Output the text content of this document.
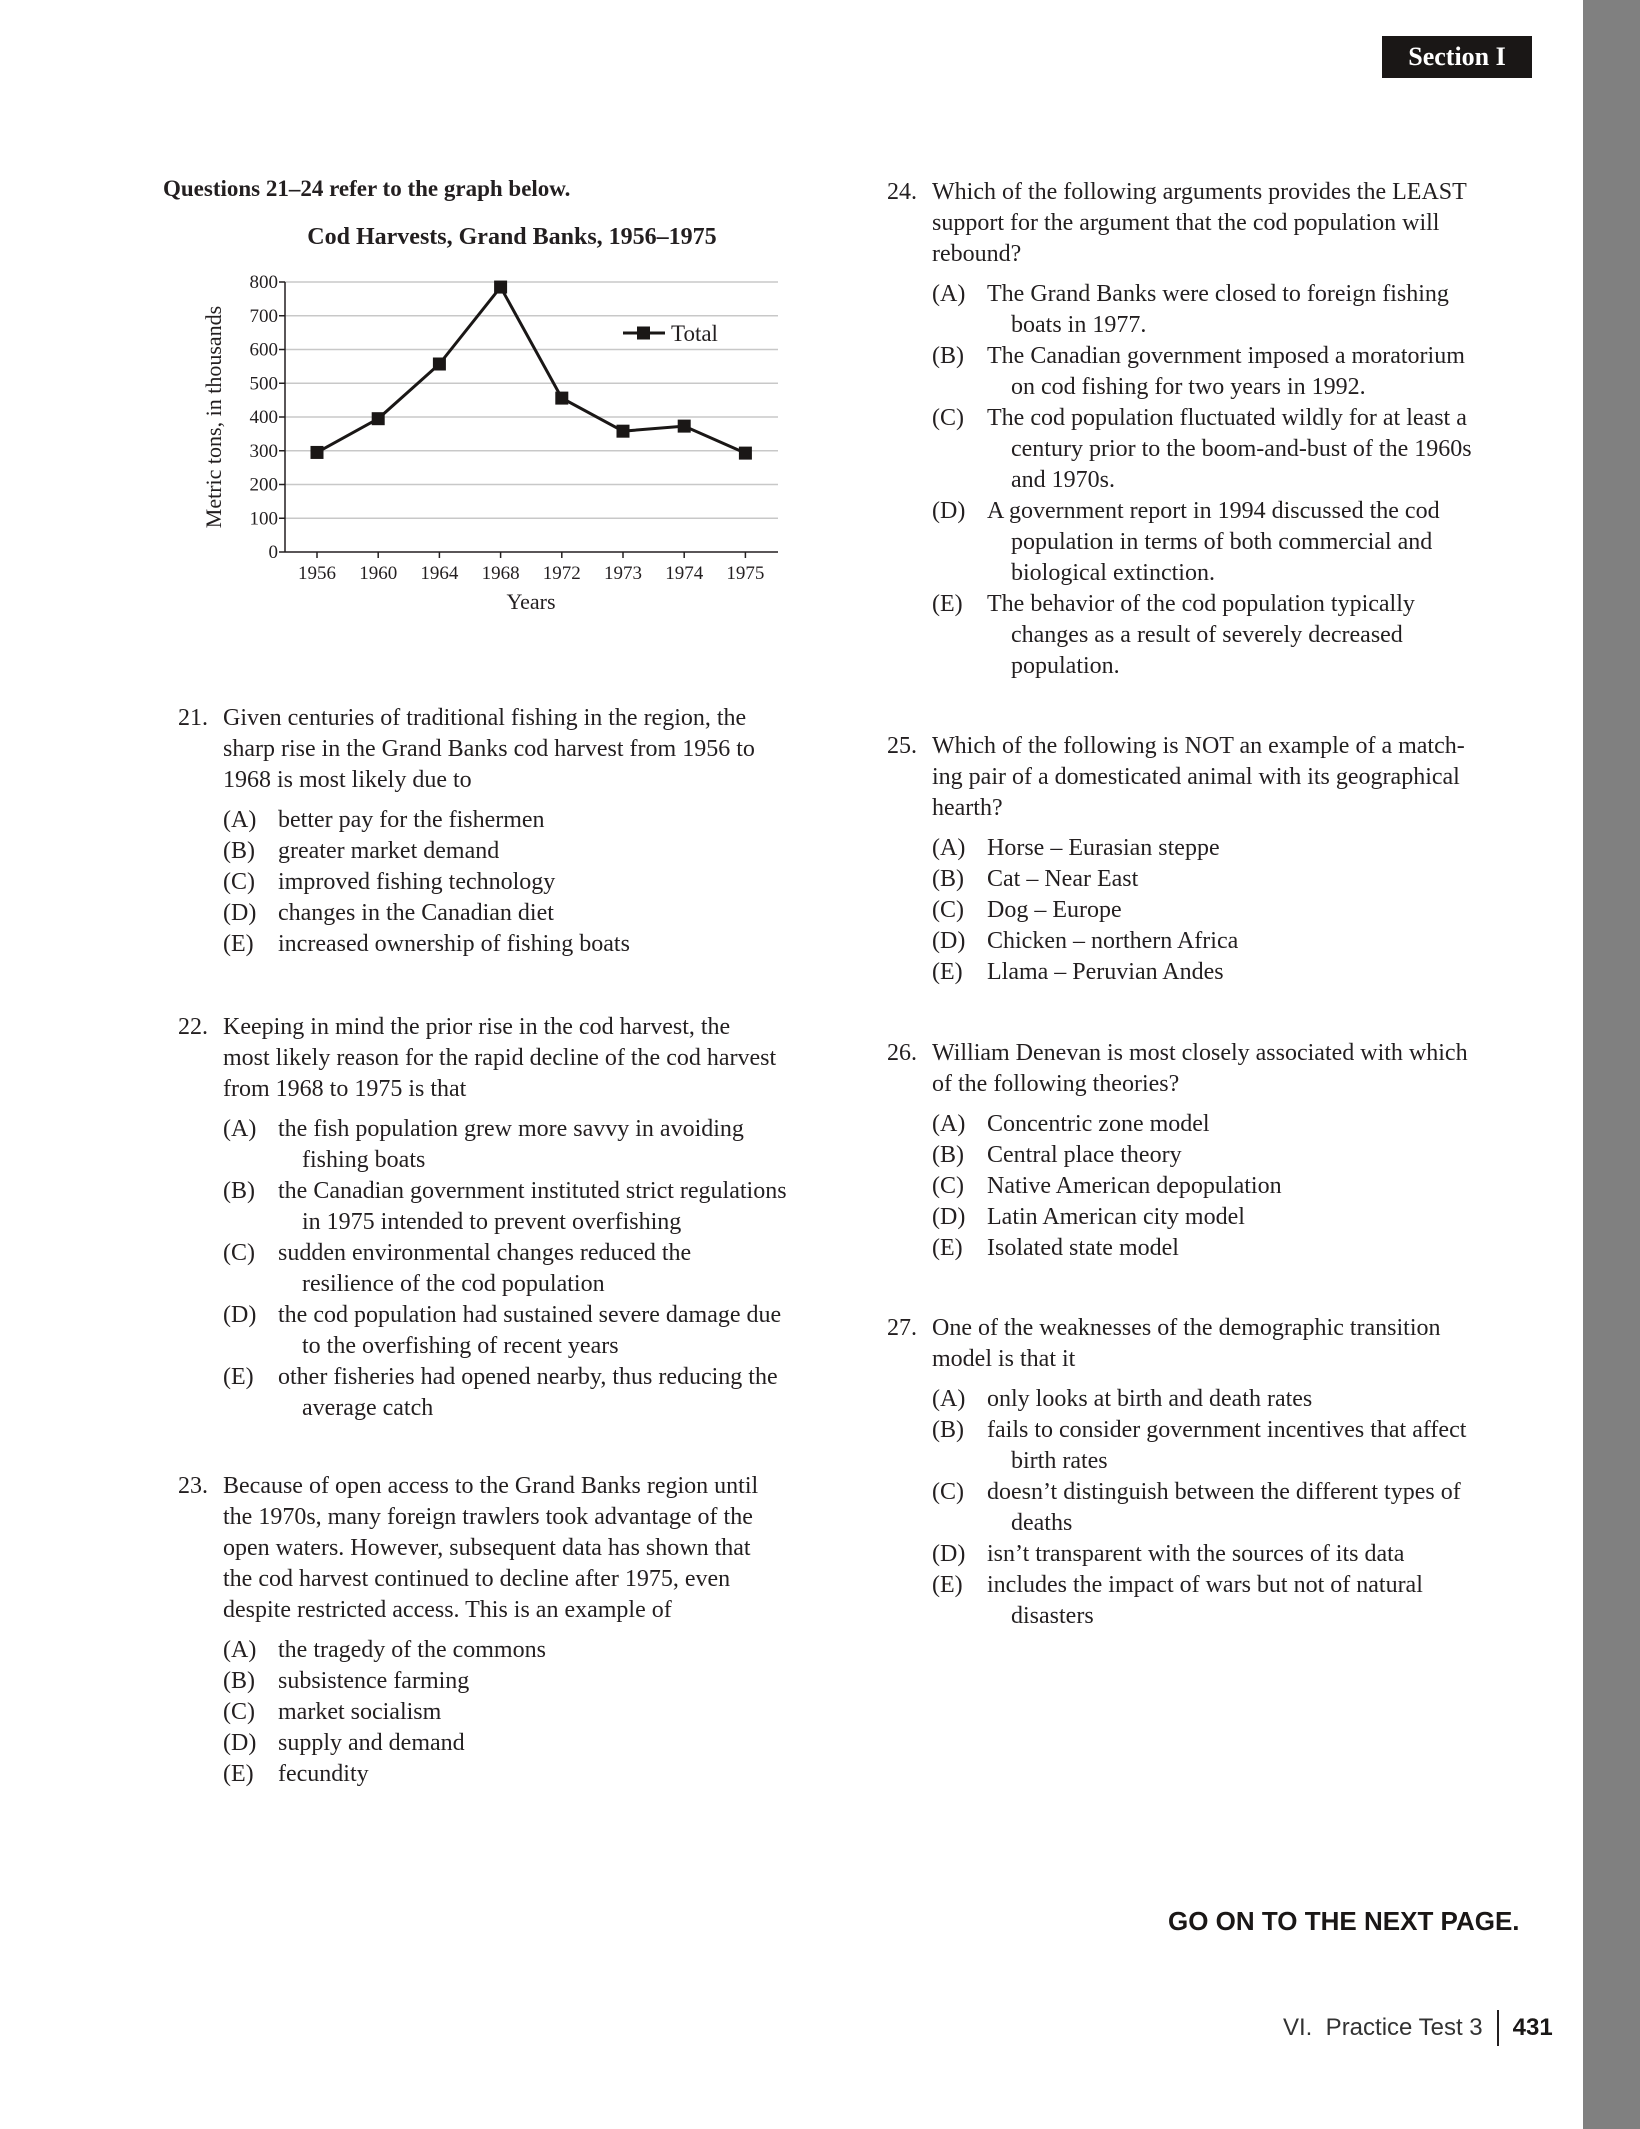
Section I
Questions 21–24 refer to the graph below.
Cod Harvests, Grand Banks, 1956–1975
0
100
200
300
400
500
600
700
800
1956 1960 1964 1968 1972 1973 1974 1975
Years
Metric tons, in thousands	Total
21. Given centuries of traditional fishing in the region, the
sharp rise in the Grand Banks cod harvest from 1956 to
1968 is most likely due to
(A) better pay for the fishermen
(B) greater market demand
(C) improved fishing technology
(D) changes in the Canadian diet
(E) increased ownership of fishing boats
22. Keeping in mind the prior rise in the cod harvest, the
most likely reason for the rapid decline of the cod harvest
from 1968 to 1975 is that
(A) the fish population grew more savvy in avoiding
fishing boats
(B) the Canadian government instituted strict regulations
in 1975 intended to prevent overfishing
(C) sudden environmental changes reduced the
resilience of the cod population
(D) the cod population had sustained severe damage due
to the overfishing of recent years
(E) other fisheries had opened nearby, thus reducing the
average catch
23. Because of open access to the Grand Banks region until
the 1970s, many foreign trawlers took advantage of the
open waters. However, subsequent data has shown that
the cod harvest continued to decline after 1975, even
despite restricted access. This is an example of
(A) the tragedy of the commons
(B) subsistence farming
(C) market socialism
(D) supply and demand
(E) fecundity
24. Which of the following arguments provides the LEAST
support for the argument that the cod population will
rebound?
(A) The Grand Banks were closed to foreign fishing
boats in 1977.
(B) The Canadian government imposed a moratorium
on cod fishing for two years in 1992.
(C) The cod population fluctuated wildly for at least a
century prior to the boom-and-bust of the 1960s
and 1970s.
(D) A government report in 1994 discussed the cod
population in terms of both commercial and
biological extinction.
(E) The behavior of the cod population typically
changes as a result of severely decreased
population.
25. Which of the following is NOT an example of a match-
ing pair of a domesticated animal with its geographical
hearth?
(A) Horse – Eurasian steppe
(B) Cat – Near East
(C) Dog – Europe
(D) Chicken – northern Africa
(E) Llama – Peruvian Andes
26. William Denevan is most closely associated with which
of the following theories?
(A) Concentric zone model
(B) Central place theory
(C) Native American depopulation
(D) Latin American city model
(E) Isolated state model
27. One of the weaknesses of the demographic transition
model is that it
(A) only looks at birth and death rates
(B) fails to consider government incentives that affect
birth rates
(C) doesn’t distinguish between the different types of
deaths
(D) isn’t transparent with the sources of its data
(E) includes the impact of wars but not of natural
disasters
GO ON TO THE NEXT PAGE.
VI.  Practice Test 3 431
